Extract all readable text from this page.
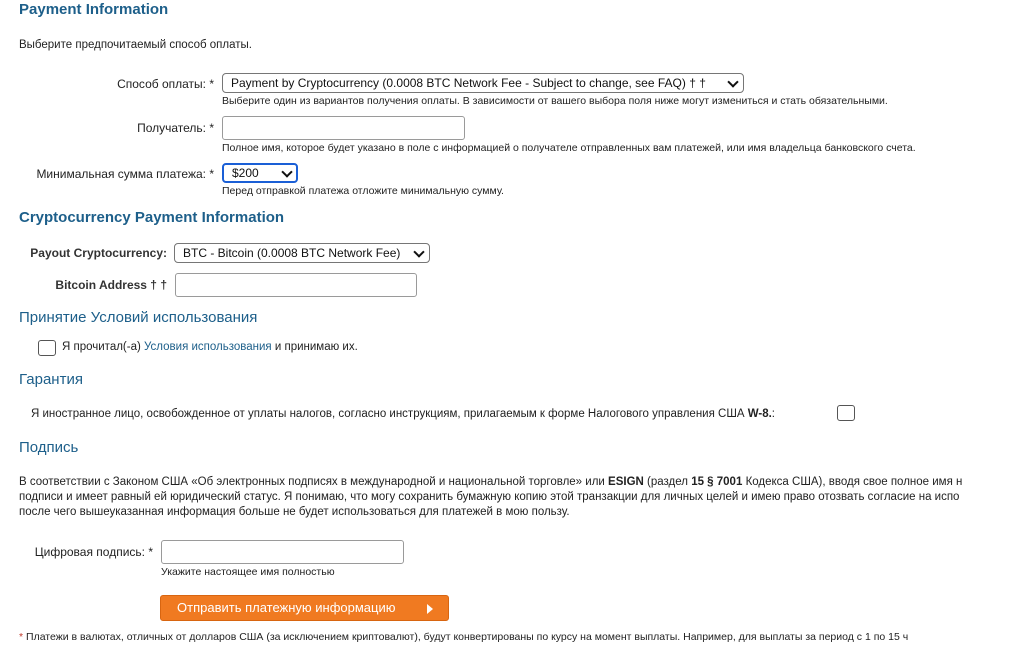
Payment Information
Выберите предпочитаемый способ оплаты.
Способ оплаты: *	Payment by Cryptocurrency (0.0008 BTC Network Fee - Subject to change, see FAQ) † †
Выберите один из вариантов получения оплаты. В зависимости от вашего выбора поля ниже могут измениться и стать обязательными.
Получатель: *
Полное имя, которое будет указано в поле с информацией о получателе отправленных вам платежей, или имя владельца банковского счета.
Минимальная сумма платежа: *	$200
Перед отправкой платежа отложите минимальную сумму.
Cryptocurrency Payment Information
Payout Cryptocurrency:	BTC - Bitcoin (0.0008 BTC Network Fee)
Bitcoin Address † †
Принятие Условий использования
Я прочитал(-а) Условия использования и принимаю их.
Гарантия
Я иностранное лицо, освобожденное от уплаты налогов, согласно инструкциям, прилагаемым к форме Налогового управления США W-8.:
Подпись
В соответствии с Законом США «Об электронных подписях в международной и национальной торговле» или ESIGN (раздел 15 § 7001 Кодекса США), вводя свое полное имя н
подписи и имеет равный ей юридический статус. Я понимаю, что могу сохранить бумажную копию этой транзакции для личных целей и имею право отозвать согласие на испо
после чего вышеуказанная информация больше не будет использоваться для платежей в мою пользу.
Цифровая подпись: *
Укажите настоящее имя полностью
Отправить платежную информацию
* Платежи в валютах, отличных от долларов США (за исключением криптовалют), будут конвертированы по курсу на момент выплаты. Например, для выплаты за период с 1 по 15 ч
